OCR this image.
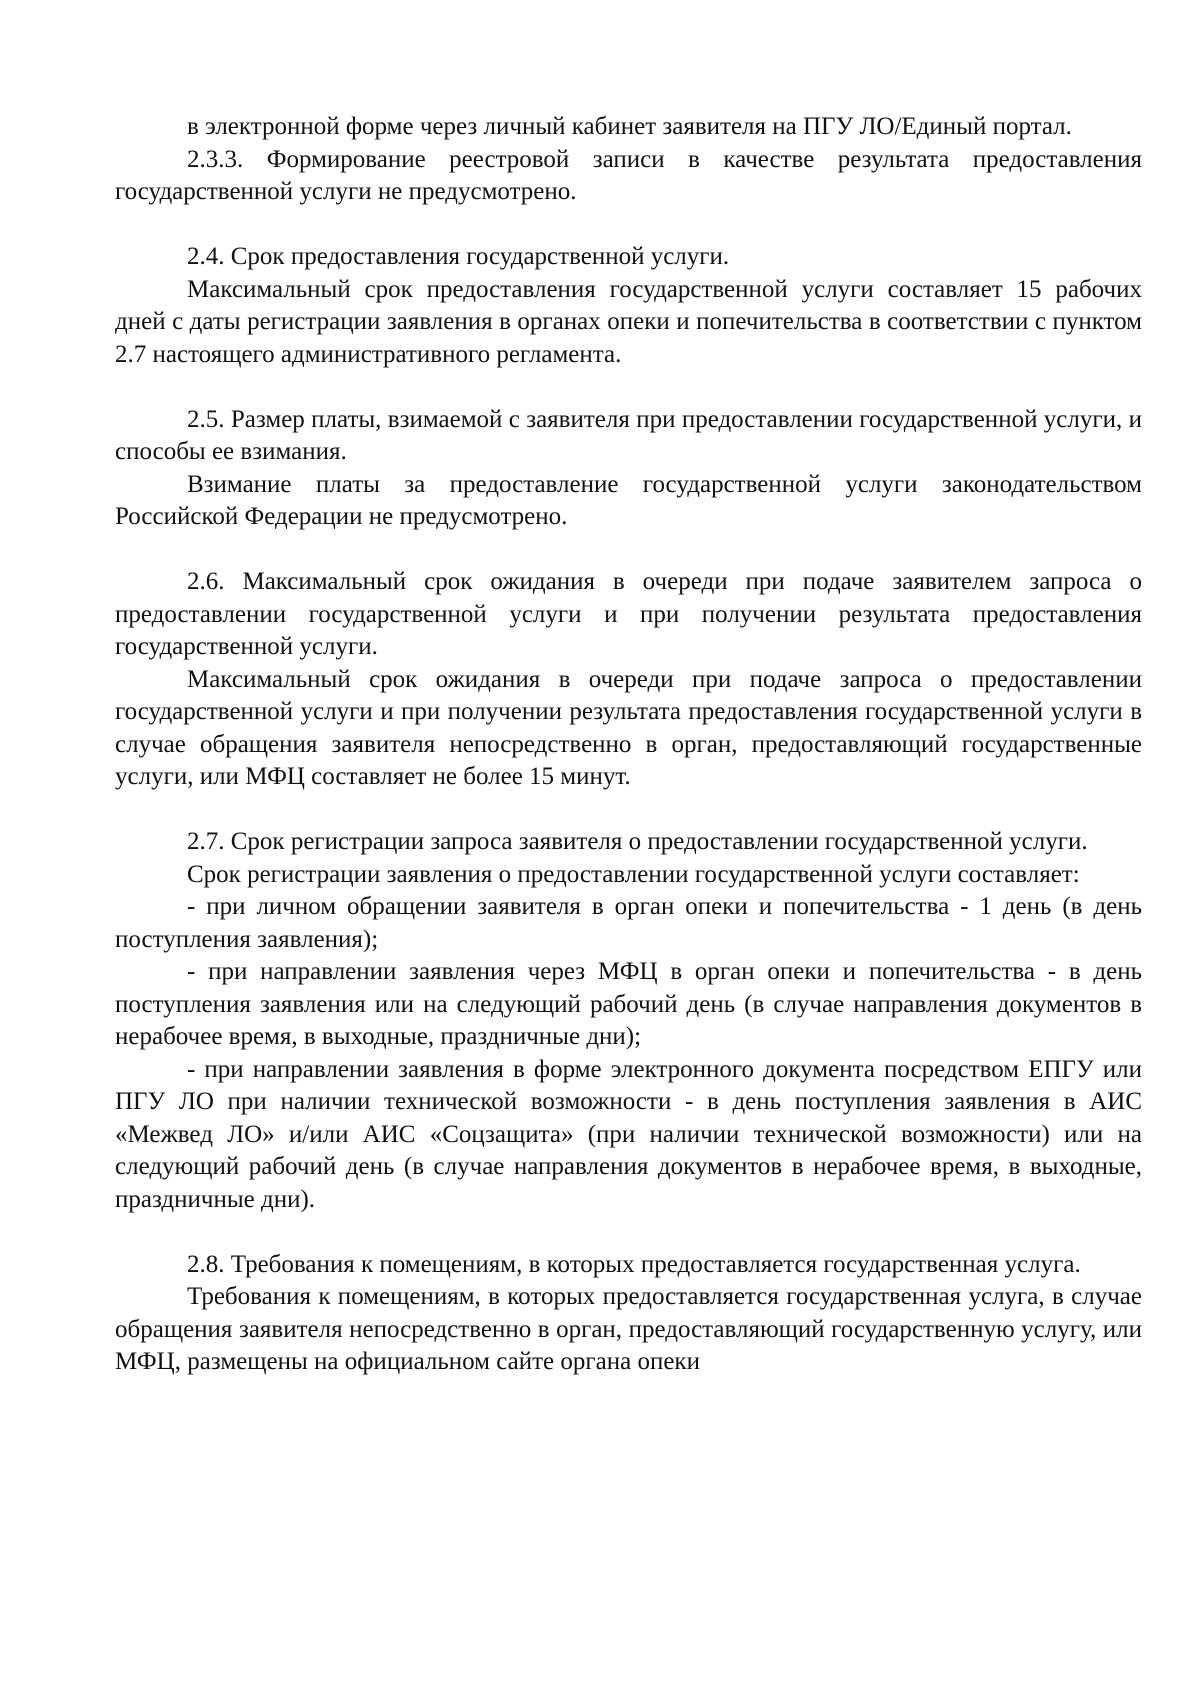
в электронной форме через личный кабинет заявителя на ПГУ ЛО/Единый портал.

2.3.3. Формирование реестровой записи в качестве результата предоставления государственной услуги не предусмотрено.

2.4. Срок предоставления государственной услуги.

Максимальный срок предоставления государственной услуги составляет 15 рабочих дней с даты регистрации заявления в органах опеки и попечительства в соответствии с пунктом 2.7 настоящего административного регламента.

2.5. Размер платы, взимаемой с заявителя при предоставлении государственной услуги, и способы ее взимания.

Взимание платы за предоставление государственной услуги законодательством Российской Федерации не предусмотрено.

2.6. Максимальный срок ожидания в очереди при подаче заявителем запроса о предоставлении государственной услуги и при получении результата предоставления государственной услуги.

Максимальный срок ожидания в очереди при подаче запроса о предоставлении государственной услуги и при получении результата предоставления государственной услуги в случае обращения заявителя непосредственно в орган, предоставляющий государственные услуги, или МФЦ составляет не более 15 минут.

2.7. Срок регистрации запроса заявителя о предоставлении государственной услуги.

Срок регистрации заявления о предоставлении государственной услуги составляет:

- при личном обращении заявителя в орган опеки и попечительства - 1 день (в день поступления заявления);

- при направлении заявления через МФЦ в орган опеки и попечительства - в день поступления заявления или на следующий рабочий день (в случае направления документов в нерабочее время, в выходные, праздничные дни);

- при направлении заявления в форме электронного документа посредством ЕПГУ или ПГУ ЛО при наличии технической возможности - в день поступления заявления в АИС «Межвед ЛО» и/или АИС «Соцзащита» (при наличии технической возможности) или на следующий рабочий день (в случае направления документов в нерабочее время, в выходные, праздничные дни).

2.8. Требования к помещениям, в которых предоставляется государственная услуга.

Требования к помещениям, в которых предоставляется государственная услуга, в случае обращения заявителя непосредственно в орган, предоставляющий государственную услугу, или МФЦ, размещены на официальном сайте органа опеки
